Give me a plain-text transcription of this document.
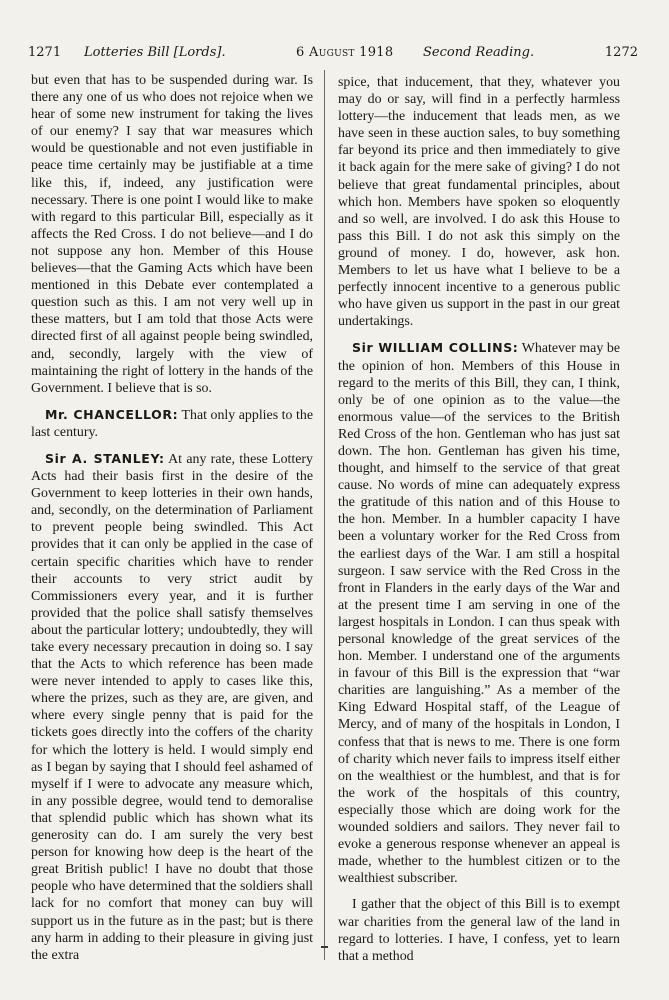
1271 Lotteries Bill [Lords].	6 August 1918 Second Reading.	1272

but even that has to be suspended during war. Is there any one of us who does not rejoice when we hear of some new instrument for taking the lives of our enemy? I say that war measures which would be questionable and not even justifiable in peace time certainly may be justifiable at a time like this, if, indeed, any justification were necessary. There is one point I would like to make with regard to this particular Bill, especially as it affects the Red Cross. I do not believe—and I do not suppose any hon. Member of this House believes—that the Gaming Acts which have been mentioned in this Debate ever contemplated a question such as this. I am not very well up in these matters, but I am told that those Acts were directed first of all against people being swindled, and, secondly, largely with the view of maintaining the right of lottery in the hands of the Government. I believe that is so.

Mr. CHANCELLOR: That only applies to the last century.

Sir A. STANLEY: At any rate, these Lottery Acts had their basis first in the desire of the Government to keep lotteries in their own hands, and, secondly, on the determination of Parliament to prevent people being swindled. This Act provides that it can only be applied in the case of certain specific charities which have to render their accounts to very strict audit by Commissioners every year, and it is further provided that the police shall satisfy themselves about the particular lottery; undoubtedly, they will take every necessary precaution in doing so. I say that the Acts to which reference has been made were never intended to apply to cases like this, where the prizes, such as they are, are given, and where every single penny that is paid for the tickets goes directly into the coffers of the charity for which the lottery is held. I would simply end as I began by saying that I should feel ashamed of myself if I were to advocate any measure which, in any possible degree, would tend to demoralise that splendid public which has shown what its generosity can do. I am surely the very best person for knowing how deep is the heart of the great British public! I have no doubt that those people who have determined that the soldiers shall lack for no comfort that money can buy will support us in the future as in the past; but is there any harm in adding to their pleasure in giving just the extra

spice, that inducement, that they, whatever you may do or say, will find in a perfectly harmless lottery—the inducement that leads men, as we have seen in these auction sales, to buy something far beyond its price and then immediately to give it back again for the mere sake of giving? I do not believe that great fundamental principles, about which hon. Members have spoken so eloquently and so well, are involved. I do ask this House to pass this Bill. I do not ask this simply on the ground of money. I do, however, ask hon. Members to let us have what I believe to be a perfectly innocent incentive to a generous public who have given us support in the past in our great undertakings.

Sir WILLIAM COLLINS: Whatever may be the opinion of hon. Members of this House in regard to the merits of this Bill, they can, I think, only be of one opinion as to the value—the enormous value—of the services to the British Red Cross of the hon. Gentleman who has just sat down. The hon. Gentleman has given his time, thought, and himself to the service of that great cause. No words of mine can adequately express the gratitude of this nation and of this House to the hon. Member. In a humbler capacity I have been a voluntary worker for the Red Cross from the earliest days of the War. I am still a hospital surgeon. I saw service with the Red Cross in the front in Flanders in the early days of the War and at the present time I am serving in one of the largest hospitals in London. I can thus speak with personal knowledge of the great services of the hon. Member. I understand one of the arguments in favour of this Bill is the expression that “war charities are languishing.” As a member of the King Edward Hospital staff, of the League of Mercy, and of many of the hospitals in London, I confess that that is news to me. There is one form of charity which never fails to impress itself either on the wealthiest or the humblest, and that is for the work of the hospitals of this country, especially those which are doing work for the wounded soldiers and sailors. They never fail to evoke a generous response whenever an appeal is made, whether to the humblest citizen or to the wealthiest subscriber.

I gather that the object of this Bill is to exempt war charities from the general law of the land in regard to lotteries. I have, I confess, yet to learn that a method
